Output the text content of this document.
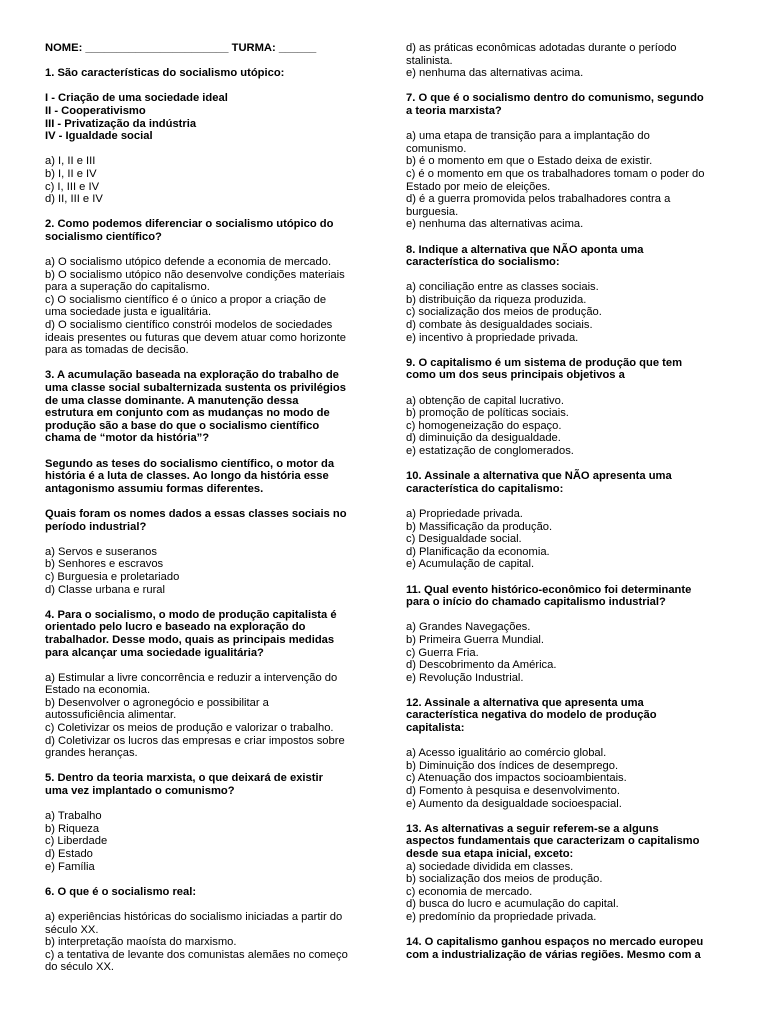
NOME: _______________________ TURMA: ______

1. São características do socialismo utópico:

I - Criação de uma sociedade ideal

II - Cooperativismo

III - Privatização da indústria

IV - Igualdade social

a) I, II e III

b) I, II e IV

c) I, III e IV

d) II, III e IV

2. Como podemos diferenciar o socialismo utópico do

socialismo científico?

a) O socialismo utópico defende a economia de mercado.

b) O socialismo utópico não desenvolve condições materiais

para a superação do capitalismo.

c) O socialismo científico é o único a propor a criação de

uma sociedade justa e igualitária.

d) O socialismo científico constrói modelos de sociedades

ideais presentes ou futuras que devem atuar como horizonte

para as tomadas de decisão.

3. A acumulação baseada na exploração do trabalho de

uma classe social subalternizada sustenta os privilégios

de uma classe dominante. A manutenção dessa

estrutura em conjunto com as mudanças no modo de

produção são a base do que o socialismo científico

chama de “motor da história”?

Segundo as teses do socialismo científico, o motor da

história é a luta de classes. Ao longo da história esse

antagonismo assumiu formas diferentes.

Quais foram os nomes dados a essas classes sociais no

período industrial?

a) Servos e suseranos

b) Senhores e escravos

c) Burguesia e proletariado

d) Classe urbana e rural

4. Para o socialismo, o modo de produção capitalista é

orientado pelo lucro e baseado na exploração do

trabalhador. Desse modo, quais as principais medidas

para alcançar uma sociedade igualitária?

a) Estimular a livre concorrência e reduzir a intervenção do

Estado na economia.

b) Desenvolver o agronegócio e possibilitar a

autossuficiência alimentar.

c) Coletivizar os meios de produção e valorizar o trabalho.

d) Coletivizar os lucros das empresas e criar impostos sobre

grandes heranças.

5. Dentro da teoria marxista, o que deixará de existir

uma vez implantado o comunismo?

a) Trabalho

b) Riqueza

c) Liberdade

d) Estado

e) Família

6. O que é o socialismo real:

a) experiências históricas do socialismo iniciadas a partir do

século XX.

b) interpretação maoísta do marxismo.

c) a tentativa de levante dos comunistas alemães no começo

do século XX.

d) as práticas econômicas adotadas durante o período

stalinista.

e) nenhuma das alternativas acima.

7. O que é o socialismo dentro do comunismo, segundo

a teoria marxista?

a) uma etapa de transição para a implantação do

comunismo.

b) é o momento em que o Estado deixa de existir.

c) é o momento em que os trabalhadores tomam o poder do

Estado por meio de eleições.

d) é a guerra promovida pelos trabalhadores contra a

burguesia.

e) nenhuma das alternativas acima.

8. Indique a alternativa que NÃO aponta uma

característica do socialismo:

a) conciliação entre as classes sociais.

b) distribuição da riqueza produzida.

c) socialização dos meios de produção.

d) combate às desigualdades sociais.

e) incentivo à propriedade privada.

9. O capitalismo é um sistema de produção que tem

como um dos seus principais objetivos a

a) obtenção de capital lucrativo.

b) promoção de políticas sociais.

c) homogeneização do espaço.

d) diminuição da desigualdade.

e) estatização de conglomerados.

10. Assinale a alternativa que NÃO apresenta uma

característica do capitalismo:

a) Propriedade privada.

b) Massificação da produção.

c) Desigualdade social.

d) Planificação da economia.

e) Acumulação de capital.

11. Qual evento histórico-econômico foi determinante

para o início do chamado capitalismo industrial?

a) Grandes Navegações.

b) Primeira Guerra Mundial.

c) Guerra Fria.

d) Descobrimento da América.

e) Revolução Industrial.

12. Assinale a alternativa que apresenta uma

característica negativa do modelo de produção

capitalista:

a) Acesso igualitário ao comércio global.

b) Diminuição dos índices de desemprego.

c) Atenuação dos impactos socioambientais.

d) Fomento à pesquisa e desenvolvimento.

e) Aumento da desigualdade socioespacial.

13. As alternativas a seguir referem-se a alguns

aspectos fundamentais que caracterizam o capitalismo

desde sua etapa inicial, exceto:

a) sociedade dividida em classes.

b) socialização dos meios de produção.

c) economia de mercado.

d) busca do lucro e acumulação do capital.

e) predomínio da propriedade privada.

14. O capitalismo ganhou espaços no mercado europeu

com a industrialização de várias regiões. Mesmo com a
